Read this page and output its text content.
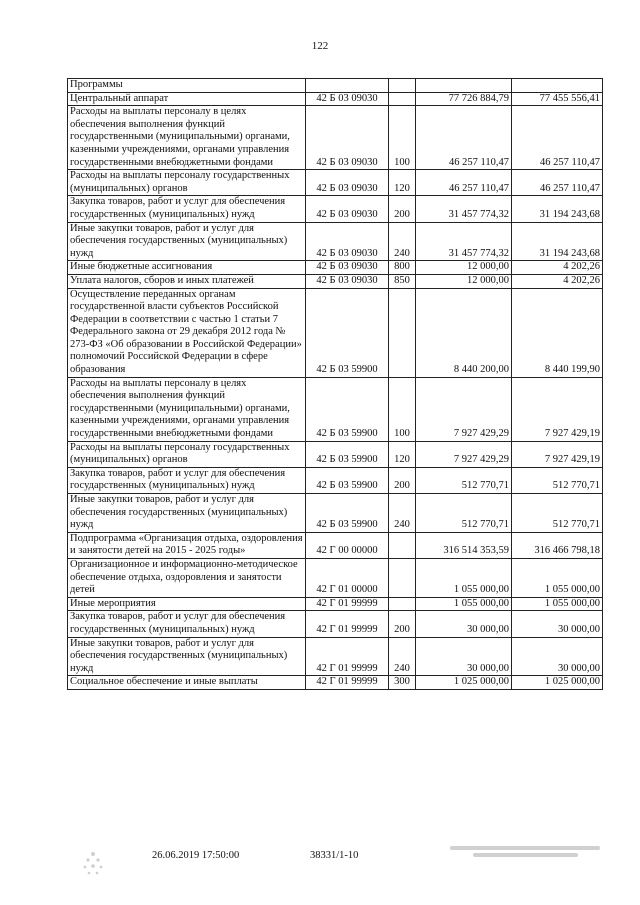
122
Программы				
Центральный аппарат	42 Б 03 09030		77 726 884,79	77 455 556,41
Расходы на выплаты персоналу в целях обеспечения выполнения функций государственными (муниципальными) органами, казенными учреждениями, органами управления государственными внебюджетными фондами	42 Б 03 09030	100	46 257 110,47	46 257 110,47
Расходы на выплаты персоналу государственных (муниципальных) органов	42 Б 03 09030	120	46 257 110,47	46 257 110,47
Закупка товаров, работ и услуг для обеспечения государственных (муниципальных) нужд	42 Б 03 09030	200	31 457 774,32	31 194 243,68
Иные закупки товаров, работ и услуг для обеспечения государственных (муниципальных) нужд	42 Б 03 09030	240	31 457 774,32	31 194 243,68
Иные бюджетные ассигнования	42 Б 03 09030	800	12 000,00	4 202,26
Уплата налогов, сборов и иных платежей	42 Б 03 09030	850	12 000,00	4 202,26
Осуществление переданных органам государственной власти субъектов Российской Федерации в соответствии с частью 1 статьи 7 Федерального закона от 29 декабря 2012 года № 273-ФЗ «Об образовании в Российской Федерации» полномочий Российской Федерации в сфере образования	42 Б 03 59900		8 440 200,00	8 440 199,90
Расходы на выплаты персоналу в целях обеспечения выполнения функций государственными (муниципальными) органами, казенными учреждениями, органами управления государственными внебюджетными фондами	42 Б 03 59900	100	7 927 429,29	7 927 429,19
Расходы на выплаты персоналу государственных (муниципальных) органов	42 Б 03 59900	120	7 927 429,29	7 927 429,19
Закупка товаров, работ и услуг для обеспечения государственных (муниципальных) нужд	42 Б 03 59900	200	512 770,71	512 770,71
Иные закупки товаров, работ и услуг для обеспечения государственных (муниципальных) нужд	42 Б 03 59900	240	512 770,71	512 770,71
Подпрограмма «Организация отдыха, оздоровления и занятости детей на 2015 - 2025 годы»	42 Г 00 00000		316 514 353,59	316 466 798,18
Организационное и информационно-методическое обеспечение отдыха, оздоровления и занятости детей	42 Г 01 00000		1 055 000,00	1 055 000,00
Иные мероприятия	42 Г 01 99999		1 055 000,00	1 055 000,00
Закупка товаров, работ и услуг для обеспечения государственных (муниципальных) нужд	42 Г 01 99999	200	30 000,00	30 000,00
Иные закупки товаров, работ и услуг для обеспечения государственных (муниципальных) нужд	42 Г 01 99999	240	30 000,00	30 000,00
Социальное обеспечение и иные выплаты	42 Г 01 99999	300	1 025 000,00	1 025 000,00
26.06.2019 17:50:00	38331/1-10
